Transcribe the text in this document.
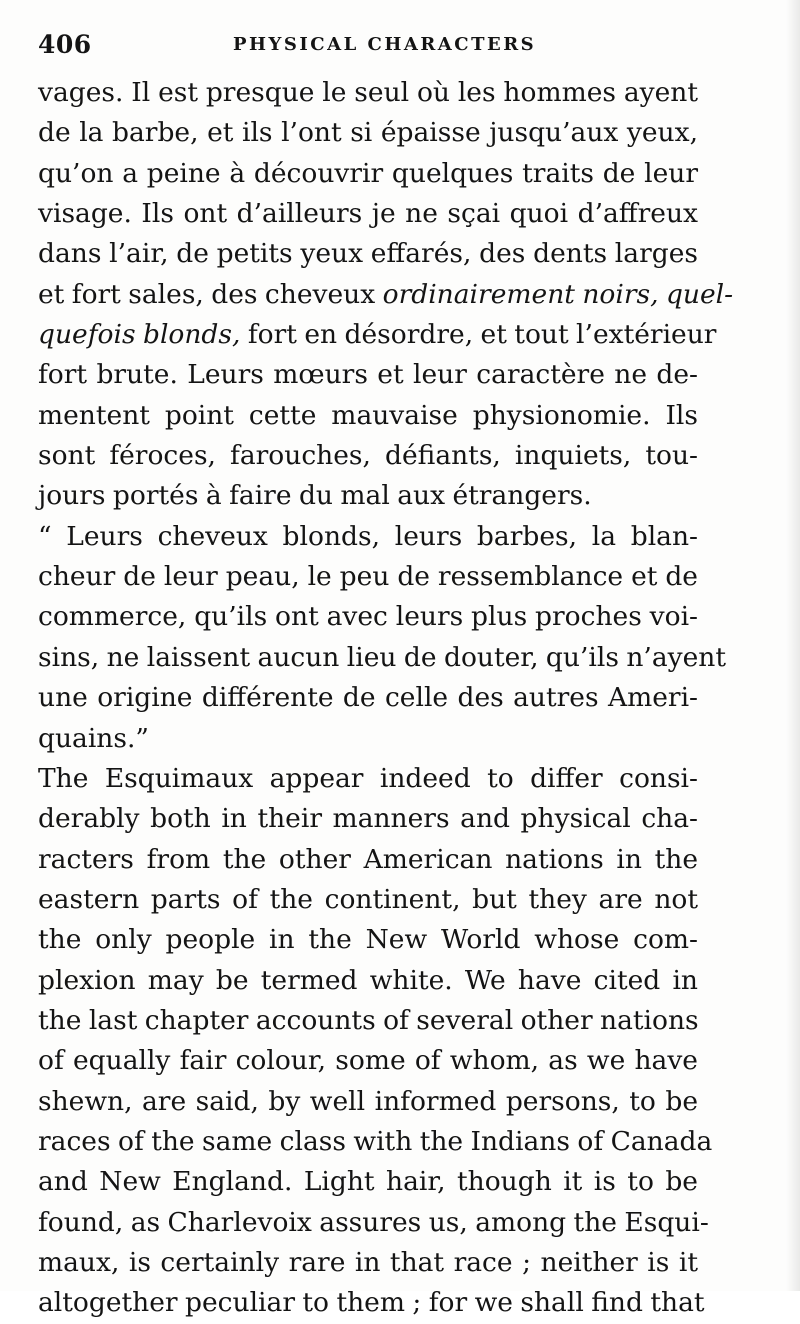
406	PHYSICAL CHARACTERS
vages. Il est presque le seul où les hommes ayent
de la barbe, et ils l’ont si épaisse jusqu’aux yeux,
qu’on a peine à découvrir quelques traits de leur
visage. Ils ont d’ailleurs je ne sçai quoi d’affreux
dans l’air, de petits yeux effarés, des dents larges
et fort sales, des cheveux ordinairement noirs, quel-
quefois blonds, fort en désordre, et tout l’extérieur
fort brute. Leurs mœurs et leur caractère ne de-
mentent point cette mauvaise physionomie. Ils
sont féroces, farouches, défiants, inquiets, tou-
jours portés à faire du mal aux étrangers.
“ Leurs cheveux blonds, leurs barbes, la blan-
cheur de leur peau, le peu de ressemblance et de
commerce, qu’ils ont avec leurs plus proches voi-
sins, ne laissent aucun lieu de douter, qu’ils n’ayent
une origine différente de celle des autres Ameri-
quains.”
The Esquimaux appear indeed to differ consi-
derably both in their manners and physical cha-
racters from the other American nations in the
eastern parts of the continent, but they are not
the only people in the New World whose com-
plexion may be termed white. We have cited in
the last chapter accounts of several other nations
of equally fair colour, some of whom, as we have
shewn, are said, by well informed persons, to be
races of the same class with the Indians of Canada
and New England. Light hair, though it is to be
found, as Charlevoix assures us, among the Esqui-
maux, is certainly rare in that race ; neither is it
altogether peculiar to them ; for we shall find that
